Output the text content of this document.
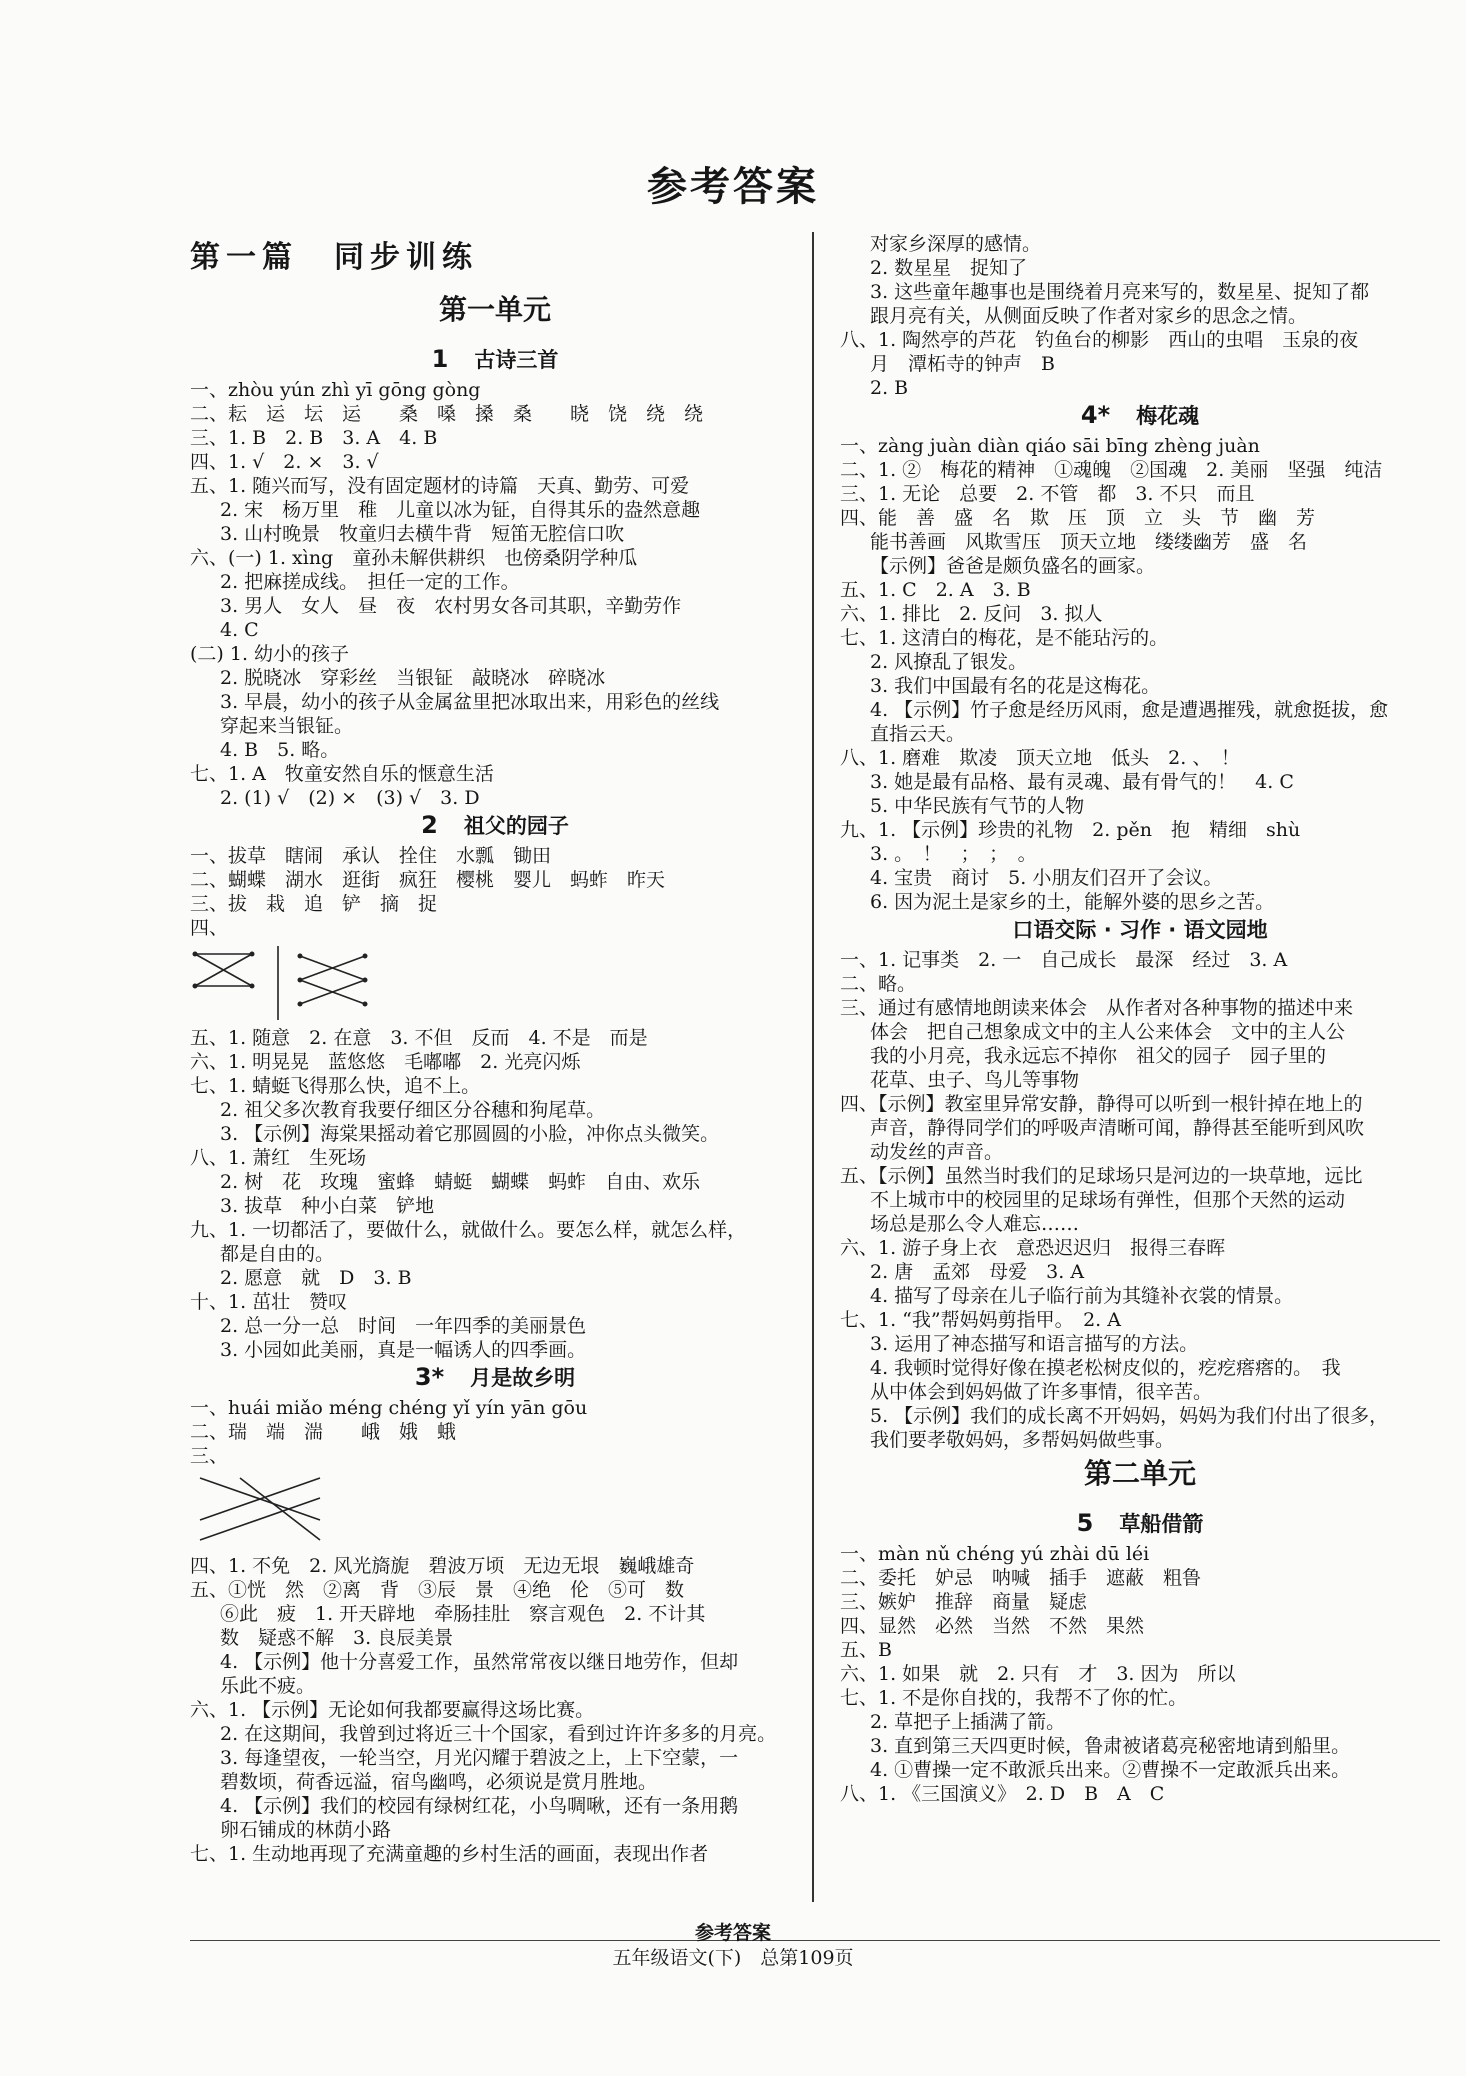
参考答案
第一篇　同步训练
第一单元
1 古诗三首
一、zhòu yún zhì yī gōng gòng
二、耘　运　坛　运　　桑　嗓　搡　桑　　晓　饶　绕　绕
三、1. B　2. B　3. A　4. B
四、1. √　2. ×　3. √
五、1. 随兴而写，没有固定题材的诗篇　天真、勤劳、可爱
2. 宋　杨万里　稚　儿童以冰为钲，自得其乐的盎然意趣
3. 山村晚景　牧童归去横牛背　短笛无腔信口吹
六、(一) 1. xìng　童孙未解供耕织　也傍桑阴学种瓜
2. 把麻搓成线。　担任一定的工作。
3. 男人　女人　昼　夜　农村男女各司其职，辛勤劳作
4. C
(二) 1. 幼小的孩子
2. 脱晓冰　穿彩丝　当银钲　敲晓冰　碎晓冰
3. 早晨，幼小的孩子从金属盆里把冰取出来，用彩色的丝线
穿起来当银钲。
4. B　5. 略。
七、1. A　牧童安然自乐的惬意生活
2. (1) √　(2) ×　(3) √　3. D
2 祖父的园子
一、拔草　瞎闹　承认　拴住　水瓢　锄田
二、蝴蝶　湖水　逛街　疯狂　樱桃　婴儿　蚂蚱　昨天
三、拔　栽　追　铲　摘　捉
四、
五、1. 随意　2. 在意　3. 不但　反而　4. 不是　而是
六、1. 明晃晃　蓝悠悠　毛嘟嘟　2. 光亮闪烁
七、1. 蜻蜓飞得那么快，追不上。
2. 祖父多次教育我要仔细区分谷穗和狗尾草。
3. 【示例】海棠果摇动着它那圆圆的小脸，冲你点头微笑。
八、1. 萧红　生死场
2. 树　花　玫瑰　蜜蜂　蜻蜓　蝴蝶　蚂蚱　自由、欢乐
3. 拔草　种小白菜　铲地
九、1. 一切都活了，要做什么，就做什么。要怎么样，就怎么样，
都是自由的。
2. 愿意　就　D　3. B
十、1. 茁壮　赞叹
2. 总一分一总　时间　一年四季的美丽景色
3. 小园如此美丽，真是一幅诱人的四季画。
3* 月是故乡明
一、huái miǎo méng chéng yǐ yín yān gōu
二、瑞　端　湍　　峨　娥　蛾
三、
四、1. 不免　2. 风光旖旎　碧波万顷　无边无垠　巍峨雄奇
五、①恍　然　②离　背　③辰　景　④绝　伦　⑤可　数
⑥此　疲　1. 开天辟地　牵肠挂肚　察言观色　2. 不计其
数　疑惑不解　3. 良辰美景
4. 【示例】他十分喜爱工作，虽然常常夜以继日地劳作，但却
乐此不疲。
六、1. 【示例】无论如何我都要赢得这场比赛。
2. 在这期间，我曾到过将近三十个国家，看到过许许多多的月亮。
3. 每逢望夜，一轮当空，月光闪耀于碧波之上，上下空蒙，一
碧数顷，荷香远溢，宿鸟幽鸣，必须说是赏月胜地。
4. 【示例】我们的校园有绿树红花，小鸟啁啾，还有一条用鹅
卵石铺成的林荫小路
七、1. 生动地再现了充满童趣的乡村生活的画面，表现出作者
对家乡深厚的感情。
2. 数星星　捉知了
3. 这些童年趣事也是围绕着月亮来写的，数星星、捉知了都
跟月亮有关，从侧面反映了作者对家乡的思念之情。
八、1. 陶然亭的芦花　钓鱼台的柳影　西山的虫唱　玉泉的夜
月　潭柘寺的钟声　B
2. B
4* 梅花魂
一、zàng juàn diàn qiáo sāi bīng zhèng juàn
二、1. ②　梅花的精神　①魂魄　②国魂　2. 美丽　坚强　纯洁
三、1. 无论　总要　2. 不管　都　3. 不只　而且
四、能　善　盛　名　欺　压　顶　立　头　节　幽　芳
能书善画　风欺雪压　顶天立地　缕缕幽芳　盛　名
【示例】爸爸是颇负盛名的画家。
五、1. C　2. A　3. B
六、1. 排比　2. 反问　3. 拟人
七、1. 这清白的梅花，是不能玷污的。
2. 风撩乱了银发。
3. 我们中国最有名的花是这梅花。
4. 【示例】竹子愈是经历风雨，愈是遭遇摧残，就愈挺拔，愈
直指云天。
八、1. 磨难　欺凌　顶天立地　低头　2. 、　！
3. 她是最有品格、最有灵魂、最有骨气的！　4. C
5. 中华民族有气节的人物
九、1. 【示例】珍贵的礼物　2. pěn　抱　精细　shù
3. 。　！　；　；　。
4. 宝贵　商讨　5. 小朋友们召开了会议。
6. 因为泥土是家乡的土，能解外婆的思乡之苦。
口语交际 · 习作 · 语文园地
一、1. 记事类　2. 一　自己成长　最深　经过　3. A
二、略。
三、通过有感情地朗读来体会　从作者对各种事物的描述中来
体会　把自己想象成文中的主人公来体会　文中的主人公
我的小月亮，我永远忘不掉你　祖父的园子　园子里的
花草、虫子、鸟儿等事物
四、【示例】教室里异常安静，静得可以听到一根针掉在地上的
声音，静得同学们的呼吸声清晰可闻，静得甚至能听到风吹
动发丝的声音。
五、【示例】虽然当时我们的足球场只是河边的一块草地，远比
不上城市中的校园里的足球场有弹性，但那个天然的运动
场总是那么令人难忘……
六、1. 游子身上衣　意恐迟迟归　报得三春晖
2. 唐　孟郊　母爱　3. A
4. 描写了母亲在儿子临行前为其缝补衣裳的情景。
七、1. “我”帮妈妈剪指甲。　2. A
3. 运用了神态描写和语言描写的方法。
4. 我顿时觉得好像在摸老松树皮似的，疙疙瘩瘩的。　我
从中体会到妈妈做了许多事情，很辛苦。
5. 【示例】我们的成长离不开妈妈，妈妈为我们付出了很多，
我们要孝敬妈妈，多帮妈妈做些事。
第二单元
5 草船借箭
一、màn nǔ chéng yú zhài dū léi
二、委托　妒忌　呐喊　插手　遮蔽　粗鲁
三、嫉妒　推辞　商量　疑虑
四、显然　必然　当然　不然　果然
五、B
六、1. 如果　就　2. 只有　才　3. 因为　所以
七、1. 不是你自找的，我帮不了你的忙。
2. 草把子上插满了箭。
3. 直到第三天四更时候，鲁肃被诸葛亮秘密地请到船里。
4. ①曹操一定不敢派兵出来。②曹操不一定敢派兵出来。
八、1. 《三国演义》　2. D　B　A　C
参考答案
五年级语文(下)　总第109页
